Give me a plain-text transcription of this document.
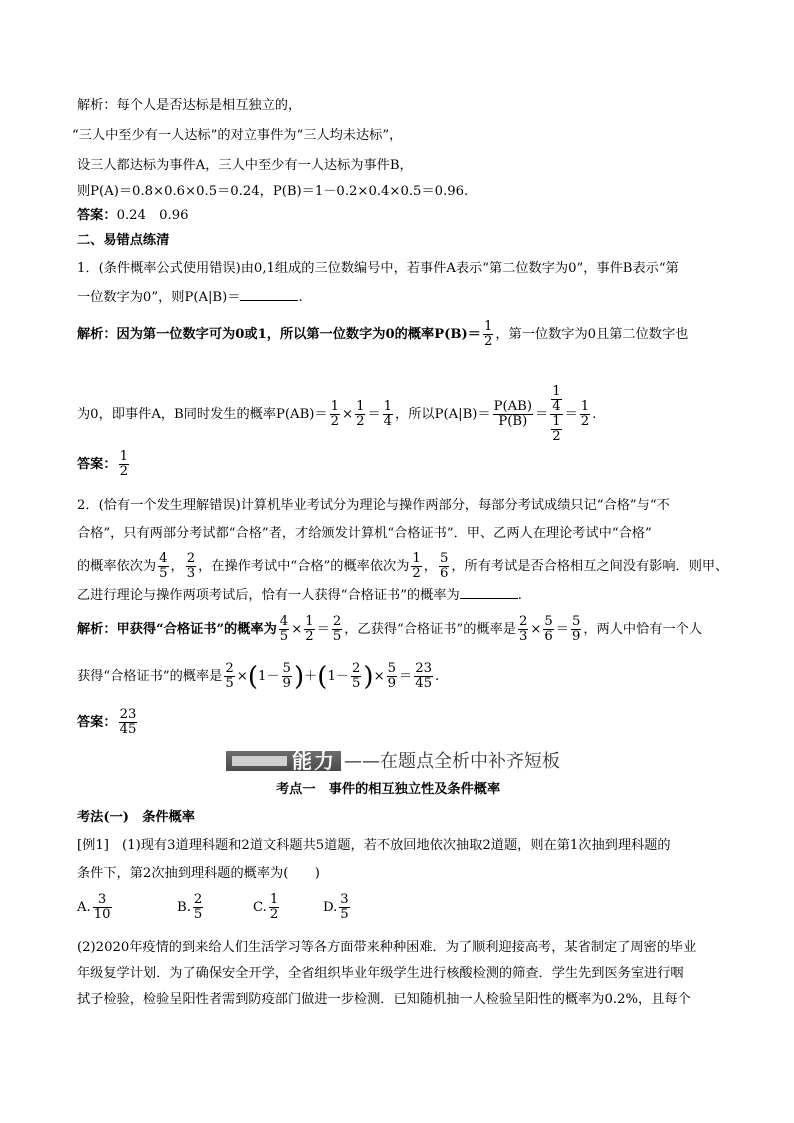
解析：每个人是否达标是相互独立的，
“三人中至少有一人达标”的对立事件为“三人均未达标”，
设三人都达标为事件A，三人中至少有一人达标为事件B，
则P(A)＝0.8×0.6×0.5＝0.24，P(B)＝1－0.2×0.4×0.5＝0.96.
答案：0.24　0.96
二、易错点练清
1．(条件概率公式使用错误)由0,1组成的三位数编号中，若事件A表示“第二位数字为0”，事件B表示“第
一位数字为0”，则P(A|B)＝	.
解析：因为第一位数字可为0或1，所以第一位数字为0的概率$P(B)= \frac{1}{2}$ ，第一位数字为0且第二位数字也
为0，即事件A，B同时发生的概率$P(AB)= \frac{1}{2} \times \frac{1}{2} = \frac{1}{4}$ ，所以$P(A|B)= \frac{P(AB)}{P(B)} = \frac{\frac{1}{4}}{\frac{1}{2}} = \frac{1}{2}$ .
答案： $\frac{1}{2}$
2．(恰有一个发生理解错误)计算机毕业考试分为理论与操作两部分，每部分考试成绩只记“合格”与“不
合格”，只有两部分考试都“合格”者，才给颁发计算机“合格证书”．甲、乙两人在理论考试中“合格”
的概率依次为 $\frac{4}{5}$ ， $\frac{2}{3}$ ，在操作考试中“合格”的概率依次为 $\frac{1}{2}$ ， $\frac{5}{6}$ ，所有考试是否合格相互之间没有影响．则甲、
乙进行理论与操作两项考试后，恰有一人获得“合格证书”的概率为	.
解析：甲获得“合格证书”的概率为 $\frac{4}{5} \times \frac{1}{2} = \frac{2}{5}$ ，乙获得“合格证书”的概率是 $\frac{2}{3} \times \frac{5}{6} = \frac{5}{9}$ ，两人中恰有一个人
获得“合格证书”的概率是 $\frac{2}{5} \times(1- \frac{5}{9} )+(1- \frac{2}{5}$ )× $\frac{5}{9} = \frac{23}{45}$ .
答案： $\frac{23}{45}$
能力 ——在题点全析中补齐短板
考点一　事件的相互独立性及条件概率
考法(一)　条件概率
[例1]　(1)现有3道理科题和2道文科题共5道题，若不放回地依次抽取2道题，则在第1次抽到理科题的
条件下，第2次抽到理科题的概率为(　　)
A. $\frac{3}{10}$	B. $\frac{2}{5}$	C. $\frac{1}{2}$	D. $\frac{3}{5}$
(2)2020年疫情的到来给人们生活学习等各方面带来种种困难．为了顺利迎接高考，某省制定了周密的毕业
年级复学计划．为了确保安全开学，全省组织毕业年级学生进行核酸检测的筛查．学生先到医务室进行咽
拭子检验，检验呈阳性者需到防疫部门做进一步检测．已知随机抽一人检验呈阳性的概率为0.2%，且每个
